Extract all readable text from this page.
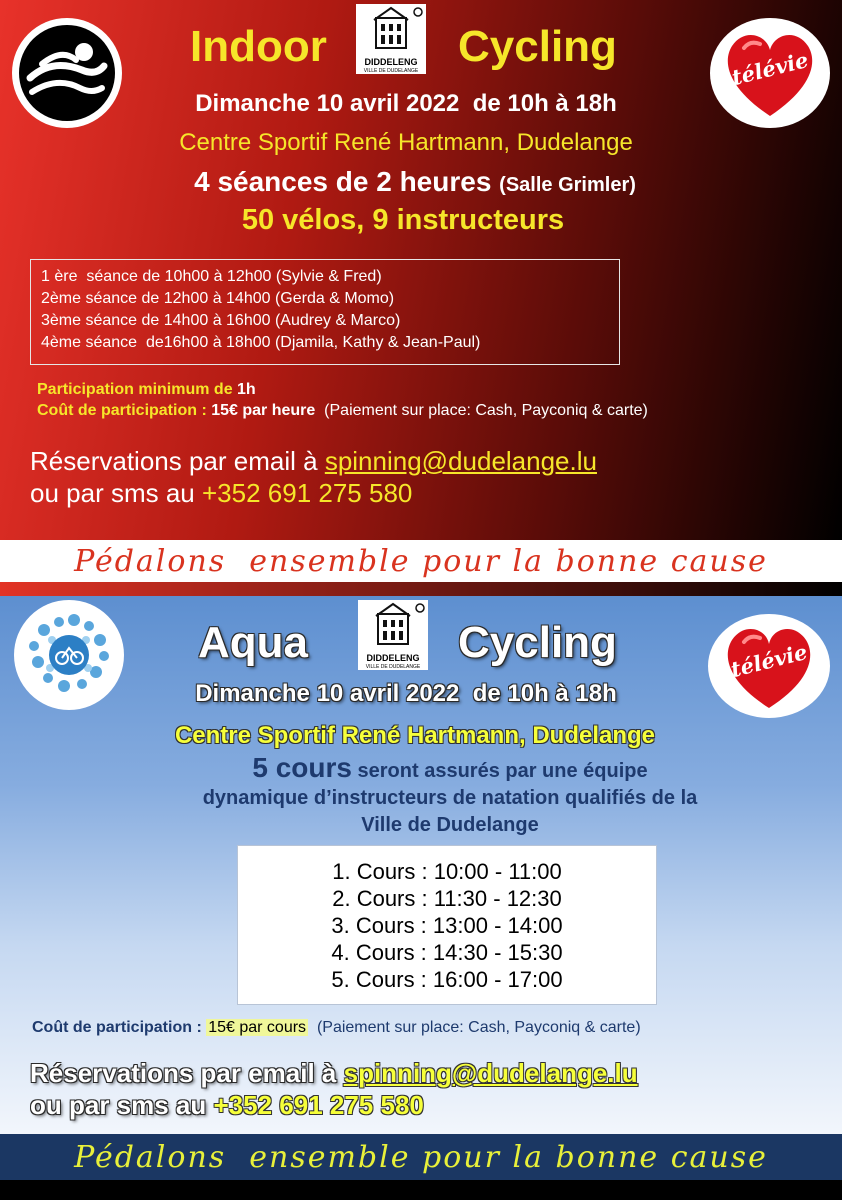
Indoor	Cycling
DIDDELENG
VILLE DE DUDELANGE	télévie
Dimanche 10 avril 2022  de 10h à 18h
Centre Sportif René Hartmann, Dudelange
4 séances de 2 heures (Salle Grimler)
50 vélos, 9 instructeurs
1 ère  séance de 10h00 à 12h00 (Sylvie & Fred)
2ème séance de 12h00 à 14h00 (Gerda & Momo)
3ème séance de 14h00 à 16h00 (Audrey & Marco)
4ème séance  de16h00 à 18h00 (Djamila, Kathy & Jean-Paul)
Participation minimum de 1h
Coût de participation : 15€ par heure (Paiement sur place: Cash, Payconiq & carte)
Réservations par email à spinning@dudelange.lu
ou par sms au +352 691 275 580
Pédalons  ensemble pour la bonne cause
Aqua	Cycling
DIDDELENG
VILLE DE DUDELANGE	télévie
Dimanche 10 avril 2022  de 10h à 18h
Centre Sportif René Hartmann, Dudelange
5 cours seront assurés par une équipe
dynamique d’instructeurs de natation qualifiés de la
Ville de Dudelange
1. Cours : 10:00 - 11:00
2. Cours : 11:30 - 12:30
3. Cours : 13:00 - 14:00
4. Cours : 14:30 - 15:30
5. Cours : 16:00 - 17:00
Coût de participation : 15€ par cours (Paiement sur place: Cash, Payconiq & carte)
Réservations par email à spinning@dudelange.lu
ou par sms au +352 691 275 580
Pédalons  ensemble pour la bonne cause
